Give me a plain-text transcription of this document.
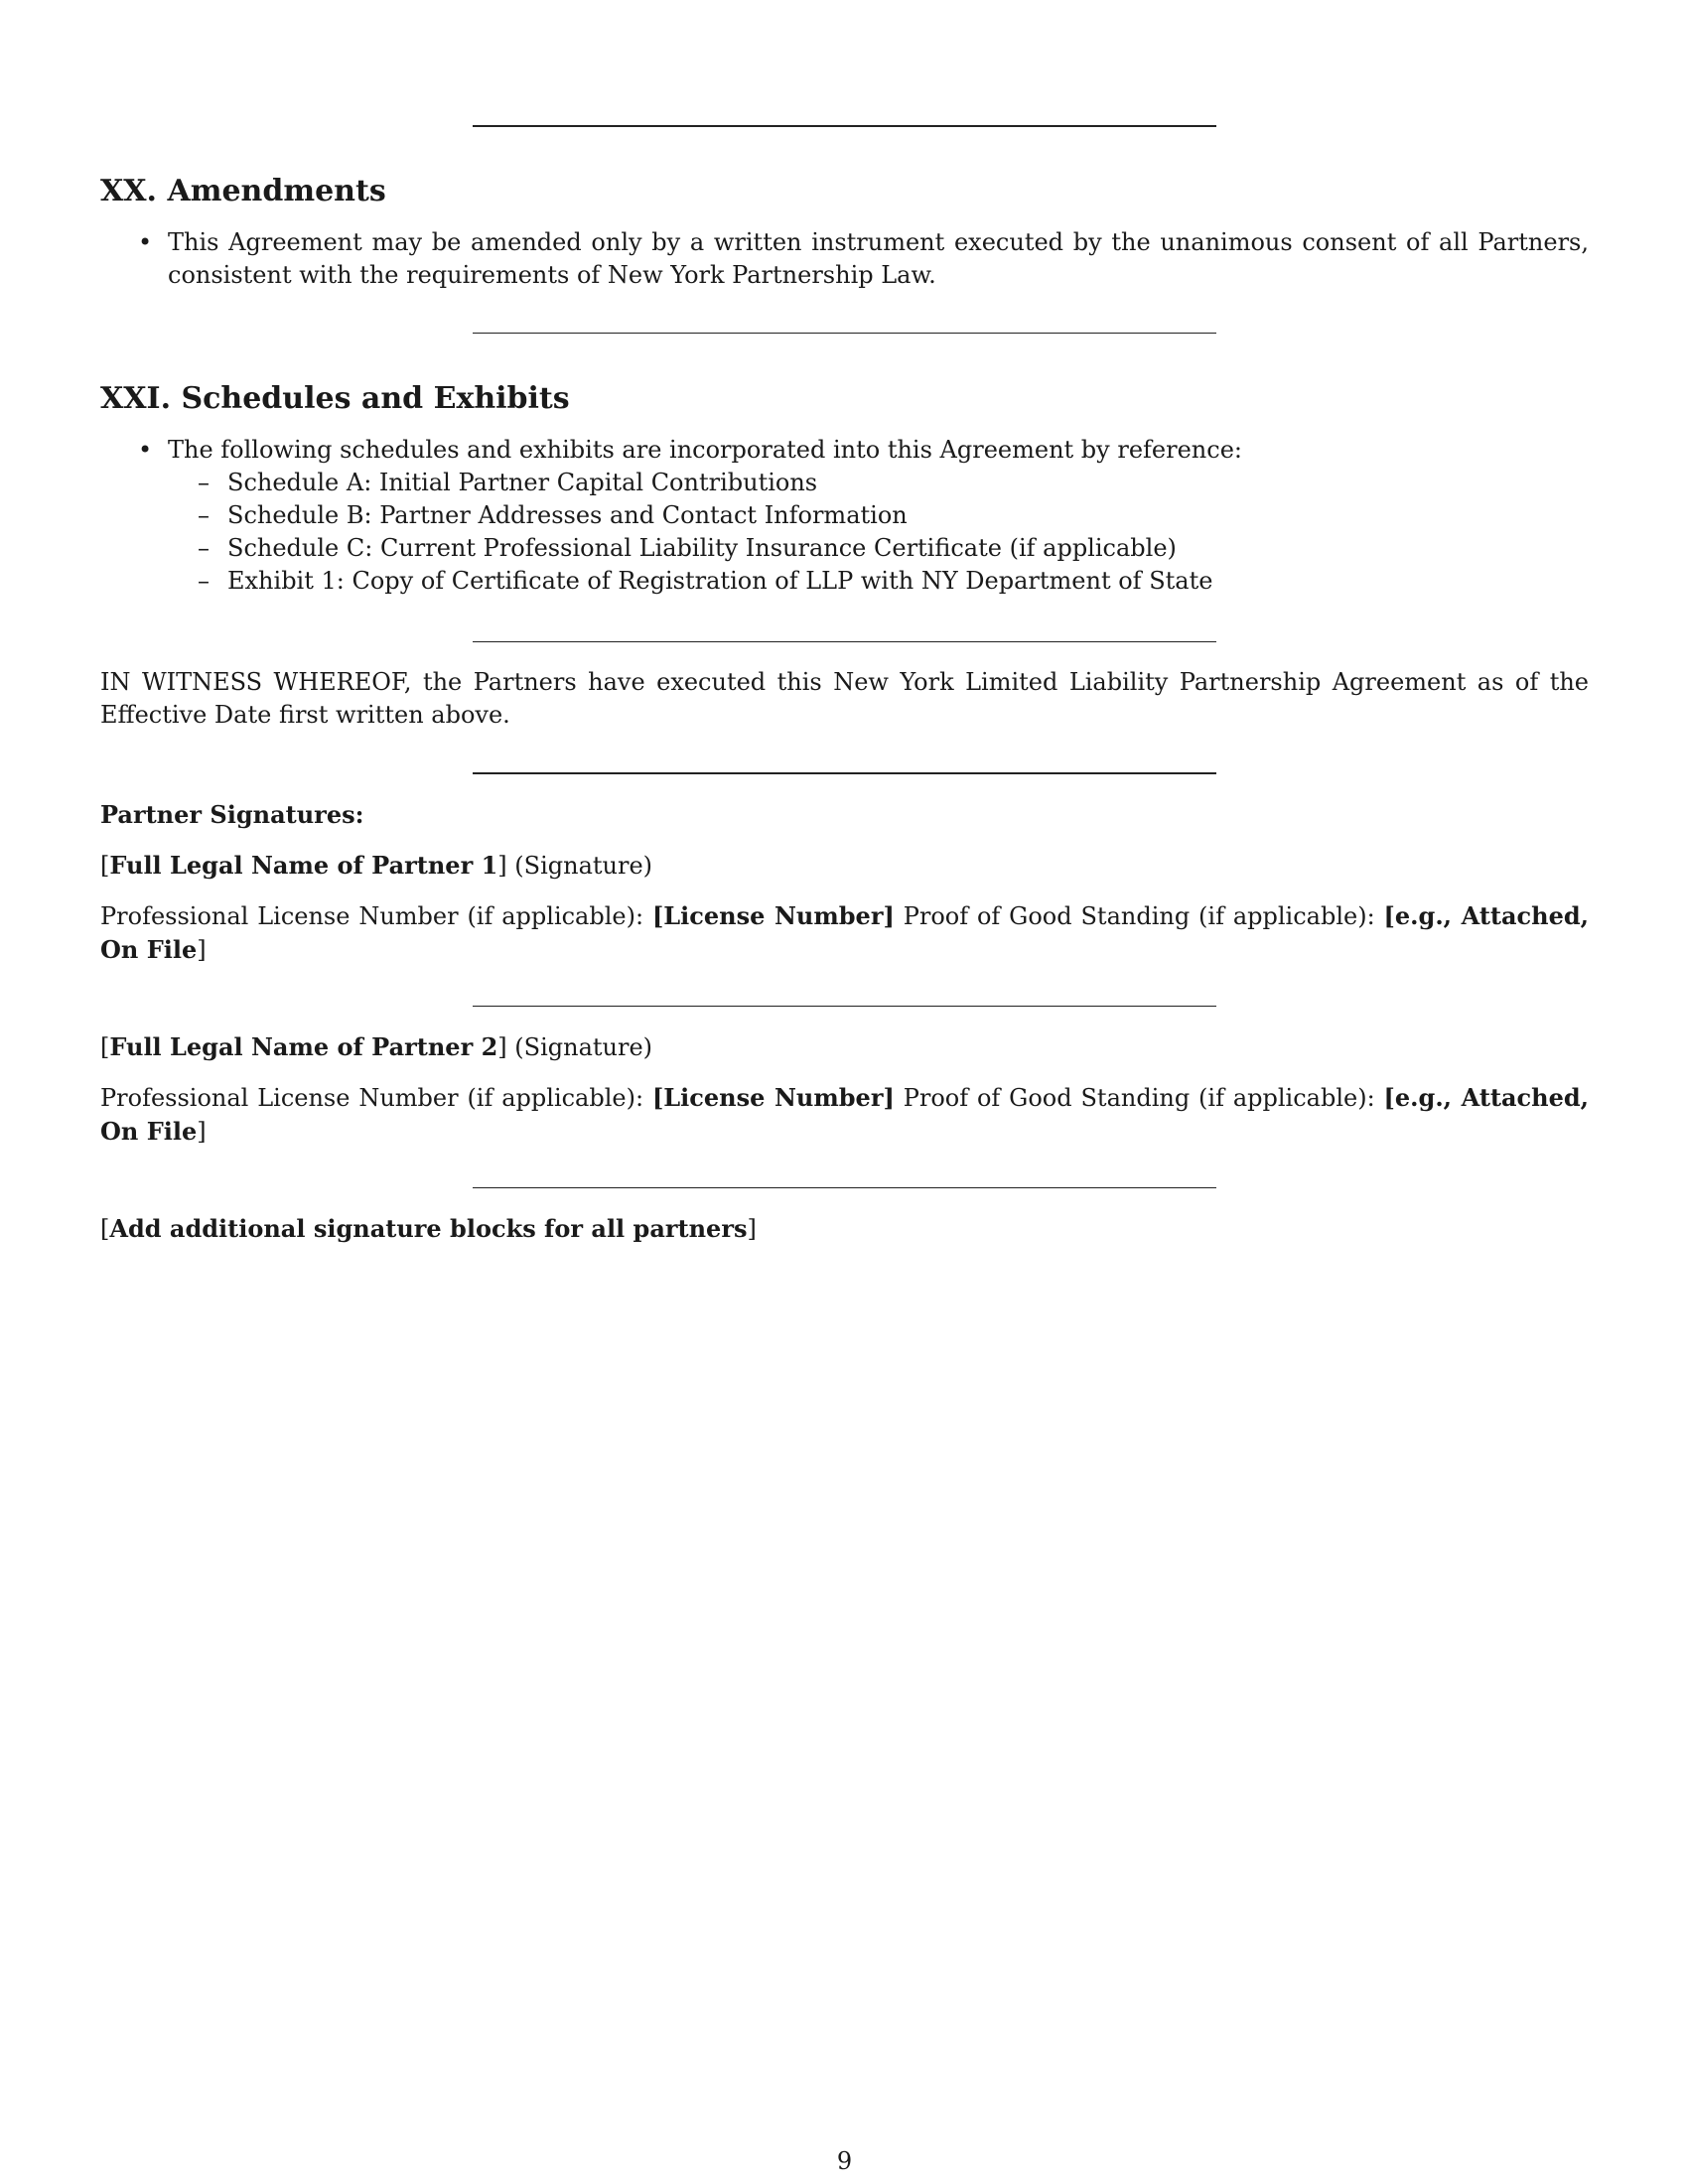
XX. Amendments
• This Agreement may be amended only by a written instrument executed by the unanimous consent of all Partners, consistent with the requirements of New York Partnership Law.
XXI. Schedules and Exhibits
• The following schedules and exhibits are incorporated into this Agreement by reference:
– Schedule A: Initial Partner Capital Contributions
– Schedule B: Partner Addresses and Contact Information
– Schedule C: Current Professional Liability Insurance Certificate (if applicable)
– Exhibit 1: Copy of Certificate of Registration of LLP with NY Department of State

IN WITNESS WHEREOF, the Partners have executed this New York Limited Liability Partnership Agreement as of the Effective Date first written above.

Partner Signatures:

[Full Legal Name of Partner 1] (Signature)

Professional License Number (if applicable): [License Number] Proof of Good Standing (if applicable): [e.g., Attached, On File]

[Full Legal Name of Partner 2] (Signature)

Professional License Number (if applicable): [License Number] Proof of Good Standing (if applicable): [e.g., Attached, On File]

[Add additional signature blocks for all partners]

9
